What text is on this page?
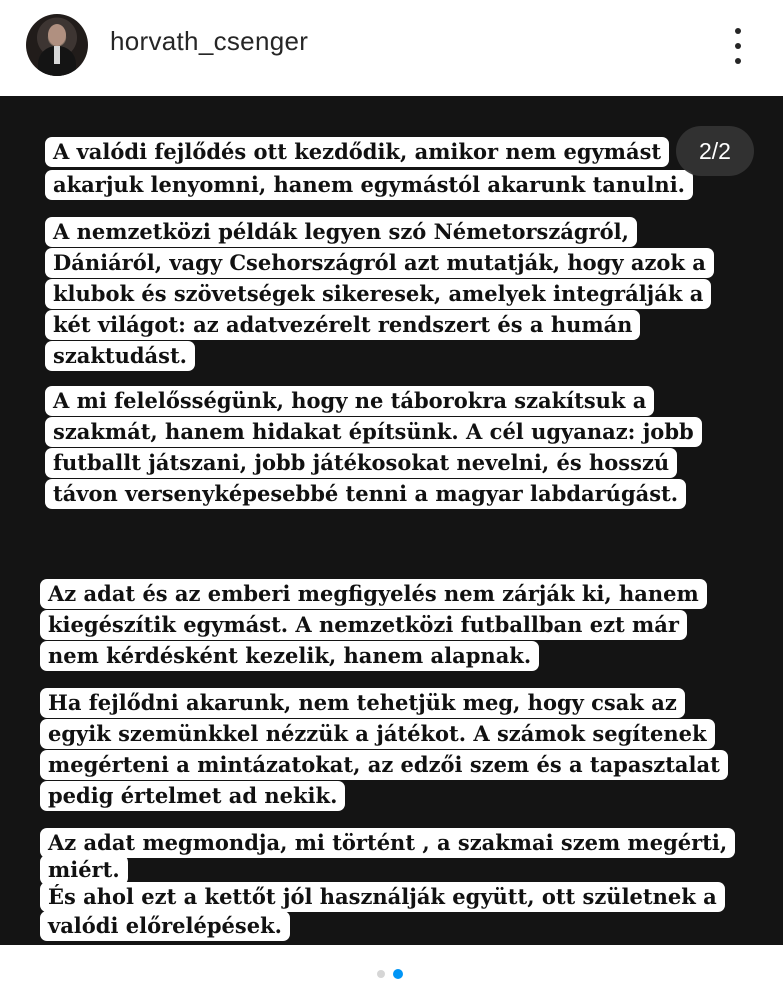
horvath_csenger
A valódi fejlődés ott kezdődik, amikor nem egymást
akarjuk lenyomni, hanem egymástól akarunk tanulni.
A nemzetközi példák legyen szó Németországról,
Dániáról, vagy Csehországról azt mutatják, hogy azok a
klubok és szövetségek sikeresek, amelyek integrálják a
két világot: az adatvezérelt rendszert és a humán
szaktudást.
A mi felelősségünk, hogy ne táborokra szakítsuk a
szakmát, hanem hidakat építsünk. A cél ugyanaz: jobb
futballt játszani, jobb játékosokat nevelni, és hosszú
távon versenyképesebbé tenni a magyar labdarúgást.
Az adat és az emberi megfigyelés nem zárják ki, hanem
kiegészítik egymást. A nemzetközi futballban ezt már
nem kérdésként kezelik, hanem alapnak.
Ha fejlődni akarunk, nem tehetjük meg, hogy csak az
egyik szemünkkel nézzük a játékot. A számok segítenek
megérteni a mintázatokat, az edzői szem és a tapasztalat
pedig értelmet ad nekik.
Az adat megmondja, mi történt , a szakmai szem megérti,
miért.
És ahol ezt a kettőt jól használják együtt, ott születnek a
valódi előrelépések.
2/2
